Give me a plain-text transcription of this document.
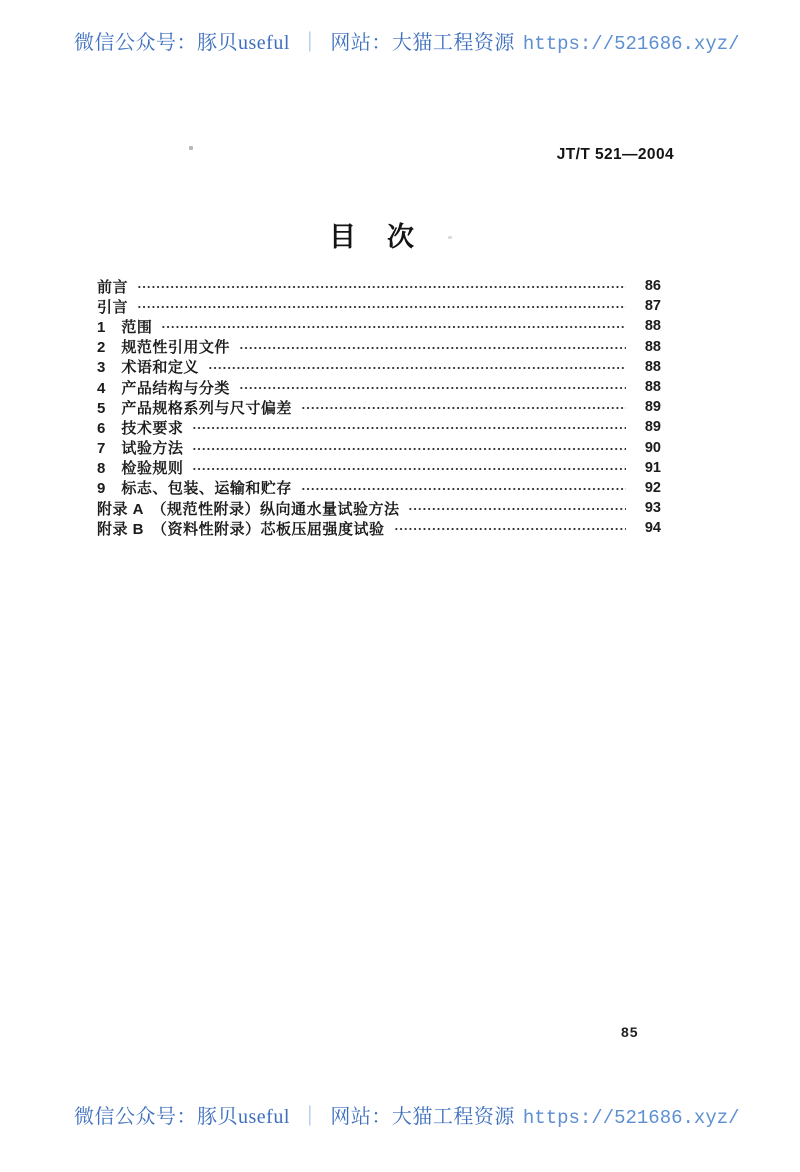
微信公众号：豚贝useful ｜ 网站：大猫工程资源 https://521686.xyz/
JT/T 521—2004
目　次
前言	86
引言	87
1　范围	88
2　规范性引用文件	88
3　术语和定义	88
4　产品结构与分类	88
5　产品规格系列与尺寸偏差	89
6　技术要求	89
7　试验方法	90
8　检验规则	91
9　标志、包装、运输和贮存	92
附录 A　（规范性附录）纵向通水量试验方法	93
附录 B　（资料性附录）芯板压屈强度试验	94
85
微信公众号：豚贝useful ｜ 网站：大猫工程资源 https://521686.xyz/
